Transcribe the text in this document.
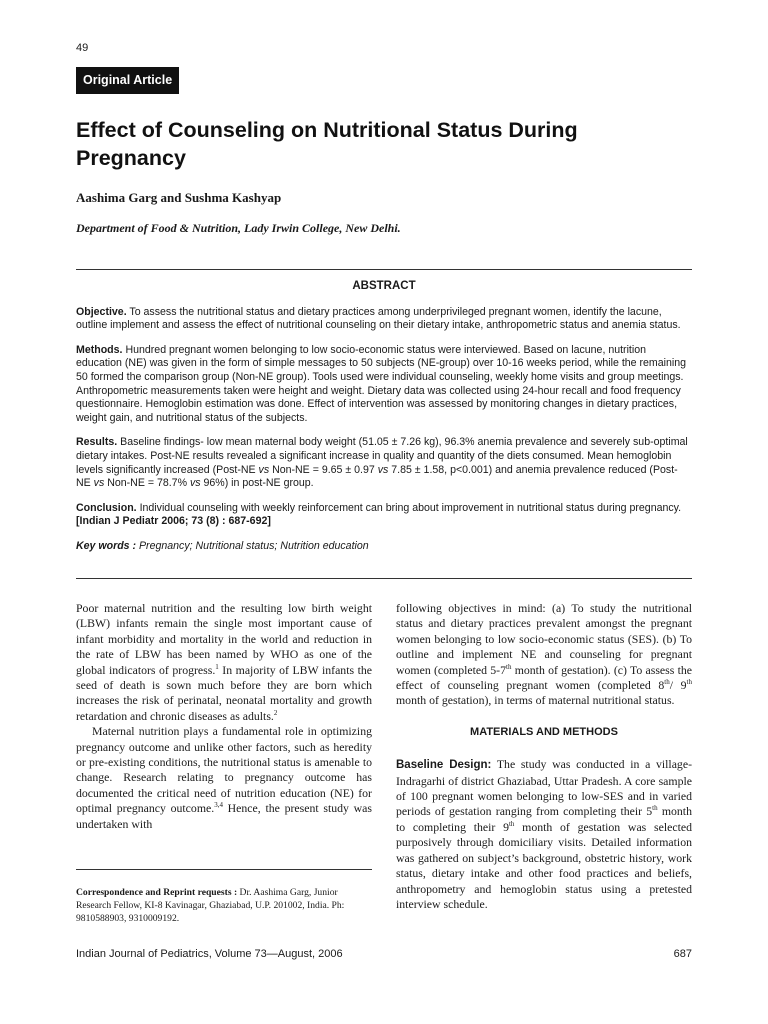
49
Original Article
Effect of Counseling on Nutritional Status During Pregnancy
Aashima Garg and Sushma Kashyap
Department of Food & Nutrition, Lady Irwin College, New Delhi.
ABSTRACT

Objective. To assess the nutritional status and dietary practices among underprivileged pregnant women, identify the lacune, outline implement and assess the effect of nutritional counseling on their dietary intake, anthropometric status and anemia status.

Methods. Hundred pregnant women belonging to low socio-economic status were interviewed. Based on lacune, nutrition education (NE) was given in the form of simple messages to 50 subjects (NE-group) over 10-16 weeks period, while the remaining 50 formed the comparison group (Non-NE group). Tools used were individual counseling, weekly home visits and group meetings. Anthropometric measurements taken were height and weight. Dietary data was collected using 24-hour recall and food frequency questionnaire. Hemoglobin estimation was done. Effect of intervention was assessed by monitoring changes in dietary practices, weight gain, and nutritional status of the subjects.

Results. Baseline findings- low mean maternal body weight (51.05 ± 7.26 kg), 96.3% anemia prevalence and severely sub-optimal dietary intakes. Post-NE results revealed a significant increase in quality and quantity of the diets consumed. Mean hemoglobin levels significantly increased (Post-NE vs Non-NE = 9.65 ± 0.97 vs 7.85 ± 1.58, p<0.001) and anemia prevalence reduced (Post-NE vs Non-NE = 78.7% vs 96%) in post-NE group.

Conclusion. Individual counseling with weekly reinforcement can bring about improvement in nutritional status during pregnancy. [Indian J Pediatr 2006; 73 (8) : 687-692]

Key words : Pregnancy; Nutritional status; Nutrition education

Poor maternal nutrition and the resulting low birth weight (LBW) infants remain the single most important cause of infant morbidity and mortality in the world and reduction in the rate of LBW has been named by WHO as one of the global indicators of progress.$^1$ In majority of LBW infants the seed of death is sown much before they are born which increases the risk of perinatal, neonatal mortality and growth retardation and chronic diseases as adults.$^2$

Maternal nutrition plays a fundamental role in optimizing pregnancy outcome and unlike other factors, such as heredity or pre-existing conditions, the nutritional status is amenable to change. Research relating to pregnancy outcome has documented the critical need of nutrition education (NE) for optimal pregnancy outcome.$^{3,4}$ Hence, the present study was undertaken with

following objectives in mind: (a) To study the nutritional status and dietary practices prevalent amongst the pregnant women belonging to low socio-economic status (SES). (b) To outline and implement NE and counseling for pregnant women (completed 5-7th month of gestation). (c) To assess the effect of counseling pregnant women (completed 8th/ 9th month of gestation), in terms of maternal nutritional status.

MATERIALS AND METHODS

Baseline Design: The study was conducted in a village-Indragarhi of district Ghaziabad, Uttar Pradesh. A core sample of 100 pregnant women belonging to low-SES and in varied periods of gestation ranging from completing their 5th month to completing their 9th month of gestation was selected purposively through domiciliary visits. Detailed information was gathered on subject’s background, obstetric history, work status, dietary intake and other food practices and beliefs, anthropometry and hemoglobin status using a pretested interview schedule.

Correspondence and Reprint requests : Dr. Aashima Garg, Junior Research Fellow, KI-8 Kavinagar, Ghaziabad, U.P. 201002, India. Ph: 9810588903, 9310009192.
Indian Journal of Pediatrics, Volume 73—August, 2006	687
